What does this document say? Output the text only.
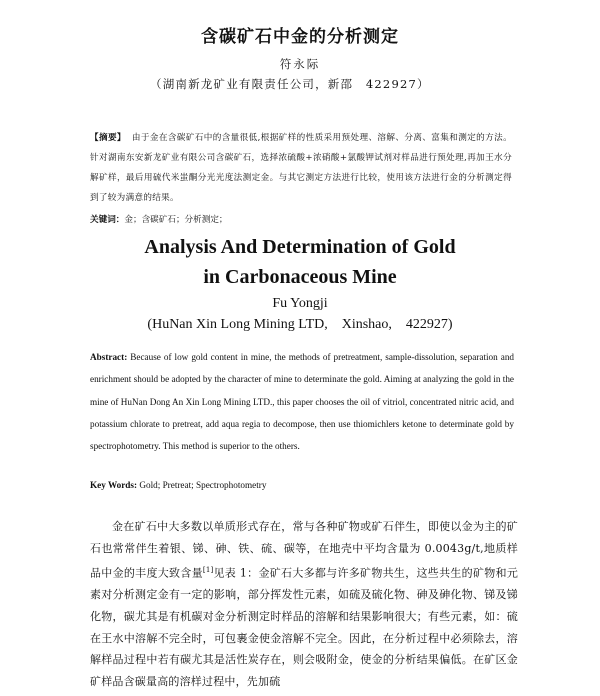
含碳矿石中金的分析测定
符永际
（湖南新龙矿业有限责任公司，新邵　422927）
【摘要】 由于金在含碳矿石中的含量很低,根据矿样的性质采用预处理、溶解、分离、富集和测定的方法。针对湖南东安新龙矿业有限公司含碳矿石，选择浓硫酸+浓硝酸+氯酸钾试剂对样品进行预处理,再加王水分解矿样，最后用硫代米蚩酮分光光度法测定金。与其它测定方法进行比较，使用该方法进行金的分析测定得到了较为满意的结果。
关键词：金；含碳矿石；分析测定；
Analysis And Determination of Gold
in Carbonaceous Mine
Fu Yongji
(HuNan Xin Long Mining LTD,    Xinshao,    422927)
Abstract: Because of low gold content in mine, the methods of pretreatment, sample-dissolution, separation and enrichment should be adopted by the character of mine to determinate the gold. Aiming at analyzing the gold in the mine of HuNan Dong An Xin Long Mining LTD., this paper chooses the oil of vitriol, concentrated nitric acid, and potassium chlorate to pretreat, add aqua regia to decompose, then use thiomichlers ketone to determinate gold by spectrophotometry. This method is superior to the others.
Key Words: Gold; Pretreat; Spectrophotometry
金在矿石中大多数以单质形式存在，常与各种矿物或矿石伴生，即使以金为主的矿石也常常伴生着银、锑、砷、铁、硫、碳等，在地壳中平均含量为 0.0043g/t,地质样品中金的丰度大致含量[1]见表 1：金矿石大多都与许多矿物共生，这些共生的矿物和元素对分析测定金有一定的影响，部分挥发性元素，如硫及硫化物、砷及砷化物、锑及锑化物，碳尤其是有机碳对金分析测定时样品的溶解和结果影响很大；有些元素，如：硫在王水中溶解不完全时，可包裹金使金溶解不完全。因此，在分析过程中必须除去，溶解样品过程中若有碳尤其是活性炭存在，则会吸附金，使金的分析结果偏低。在矿区金矿样品含碳量高的溶样过程中，先加硫
